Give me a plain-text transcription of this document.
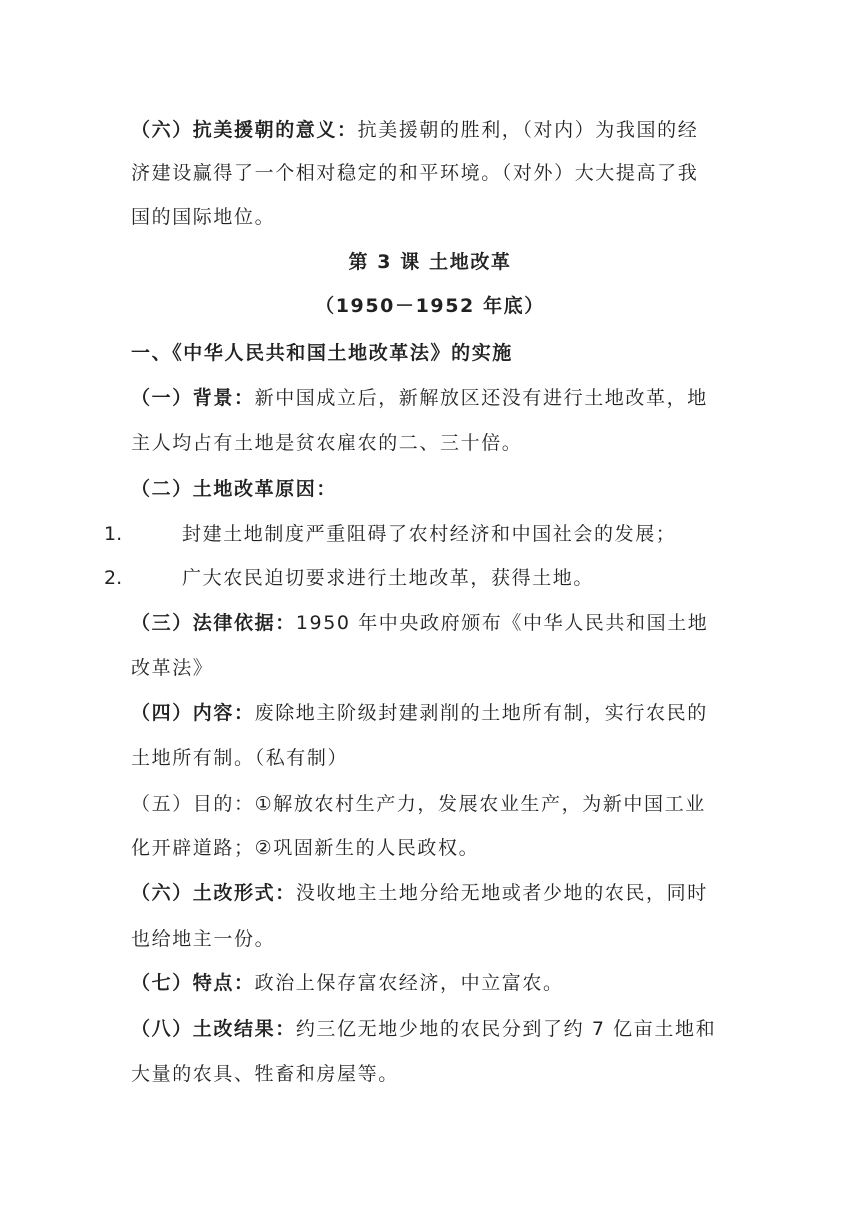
（六）抗美援朝的意义：抗美援朝的胜利，（对内）为我国的经
济建设赢得了一个相对稳定的和平环境。（对外）大大提高了我
国的国际地位。
第 3 课 土地改革
（1950－1952 年底）
一、《中华人民共和国土地改革法》的实施
（一）背景：新中国成立后，新解放区还没有进行土地改革，地
主人均占有土地是贫农雇农的二、三十倍。
（二）土地改革原因：
1.	封建土地制度严重阻碍了农村经济和中国社会的发展；
2.	广大农民迫切要求进行土地改革，获得土地。
（三）法律依据：1950 年中央政府颁布《中华人民共和国土地
改革法》
（四）内容：废除地主阶级封建剥削的土地所有制，实行农民的
土地所有制。（私有制）
（五）目的：①解放农村生产力，发展农业生产，为新中国工业
化开辟道路；②巩固新生的人民政权。
（六）土改形式：没收地主土地分给无地或者少地的农民，同时
也给地主一份。
（七）特点：政治上保存富农经济，中立富农。
（八）土改结果：约三亿无地少地的农民分到了约 7 亿亩土地和
大量的农具、牲畜和房屋等。
